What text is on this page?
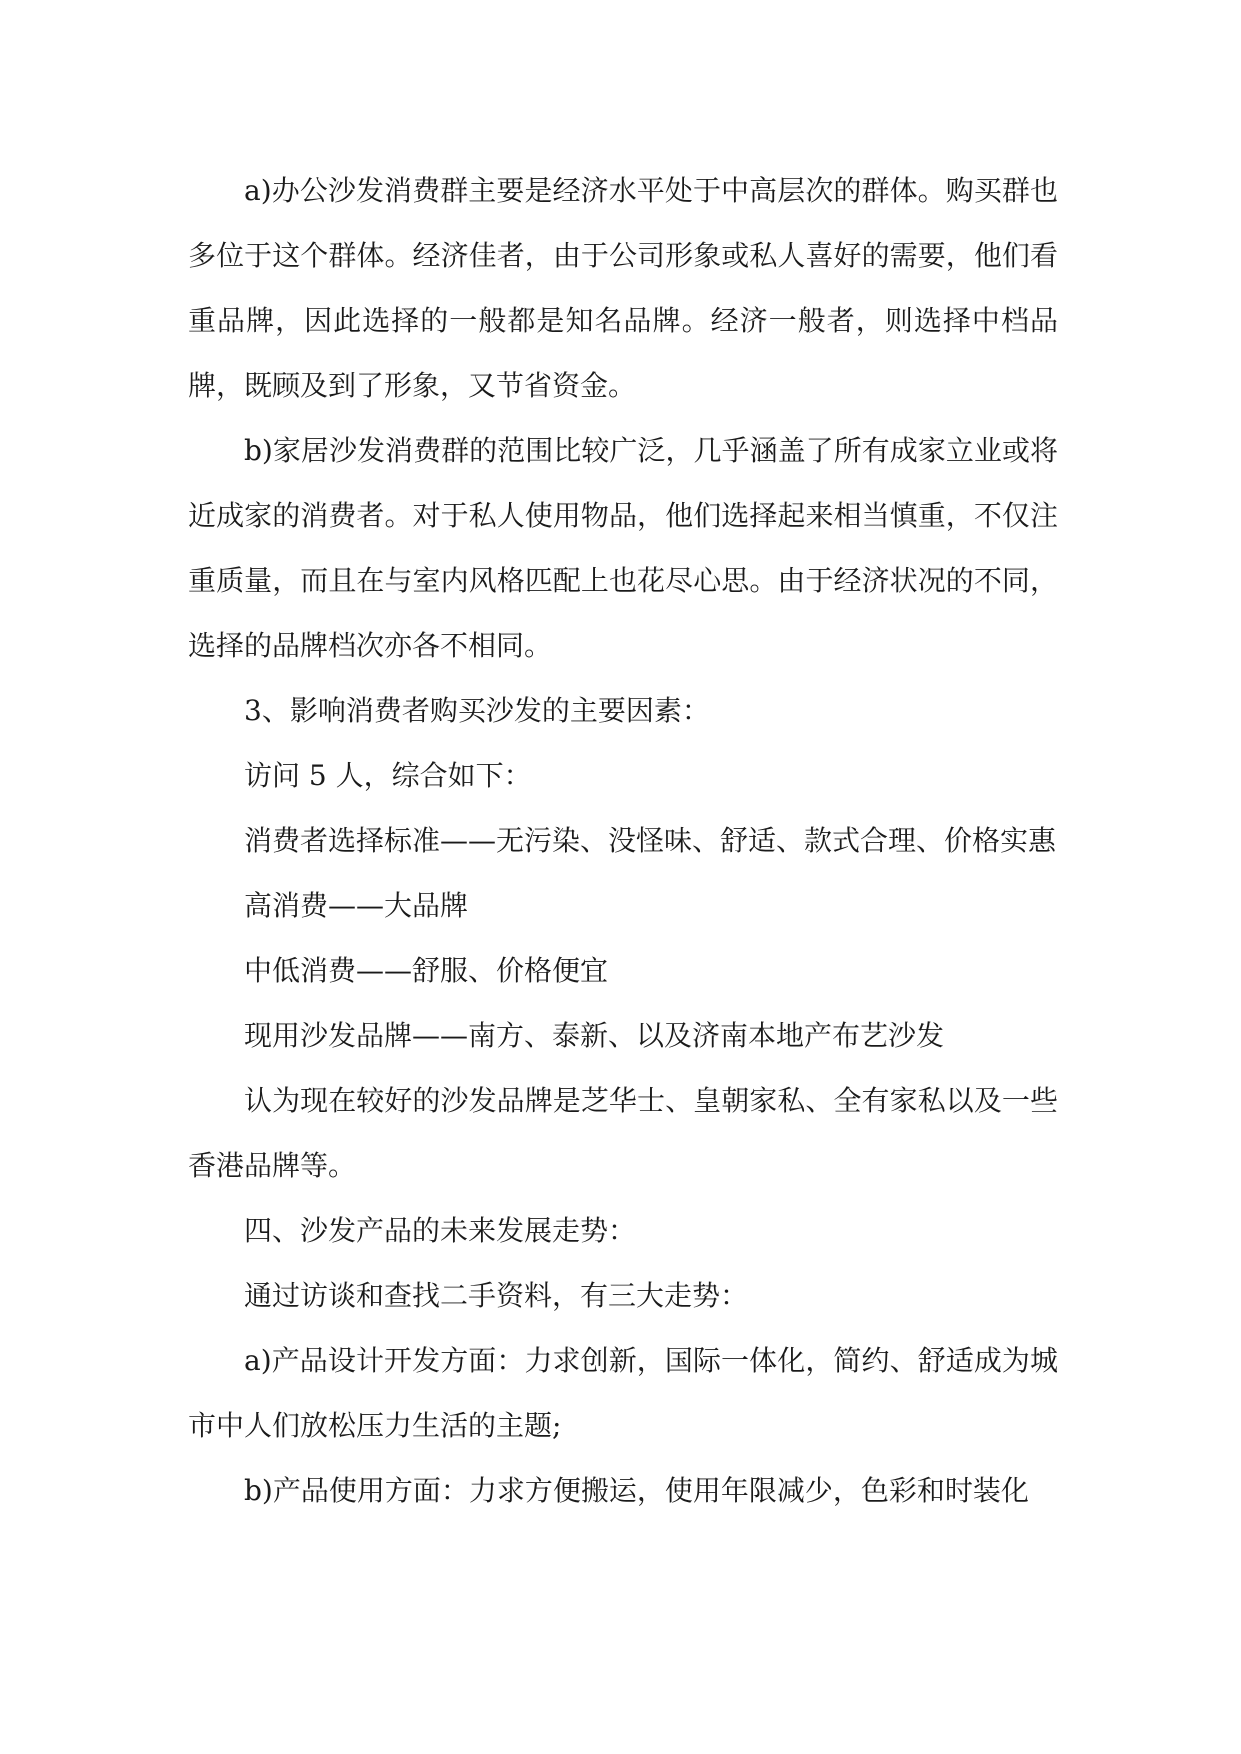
a)办公沙发消费群主要是经济水平处于中高层次的群体。购买群也多位于这个群体。经济佳者，由于公司形象或私人喜好的需要，他们看重品牌，因此选择的一般都是知名品牌。经济一般者，则选择中档品牌，既顾及到了形象，又节省资金。

b)家居沙发消费群的范围比较广泛，几乎涵盖了所有成家立业或将近成家的消费者。对于私人使用物品，他们选择起来相当慎重，不仅注重质量，而且在与室内风格匹配上也花尽心思。由于经济状况的不同，选择的品牌档次亦各不相同。

3、影响消费者购买沙发的主要因素：

访问 5 人，综合如下：

消费者选择标准——无污染、没怪味、舒适、款式合理、价格实惠

高消费——大品牌

中低消费——舒服、价格便宜

现用沙发品牌——南方、泰新、以及济南本地产布艺沙发

认为现在较好的沙发品牌是芝华士、皇朝家私、全有家私以及一些香港品牌等。

四、沙发产品的未来发展走势：

通过访谈和查找二手资料，有三大走势：

a)产品设计开发方面：力求创新，国际一体化，简约、舒适成为城市中人们放松压力生活的主题;

b)产品使用方面：力求方便搬运，使用年限减少，色彩和时装化
